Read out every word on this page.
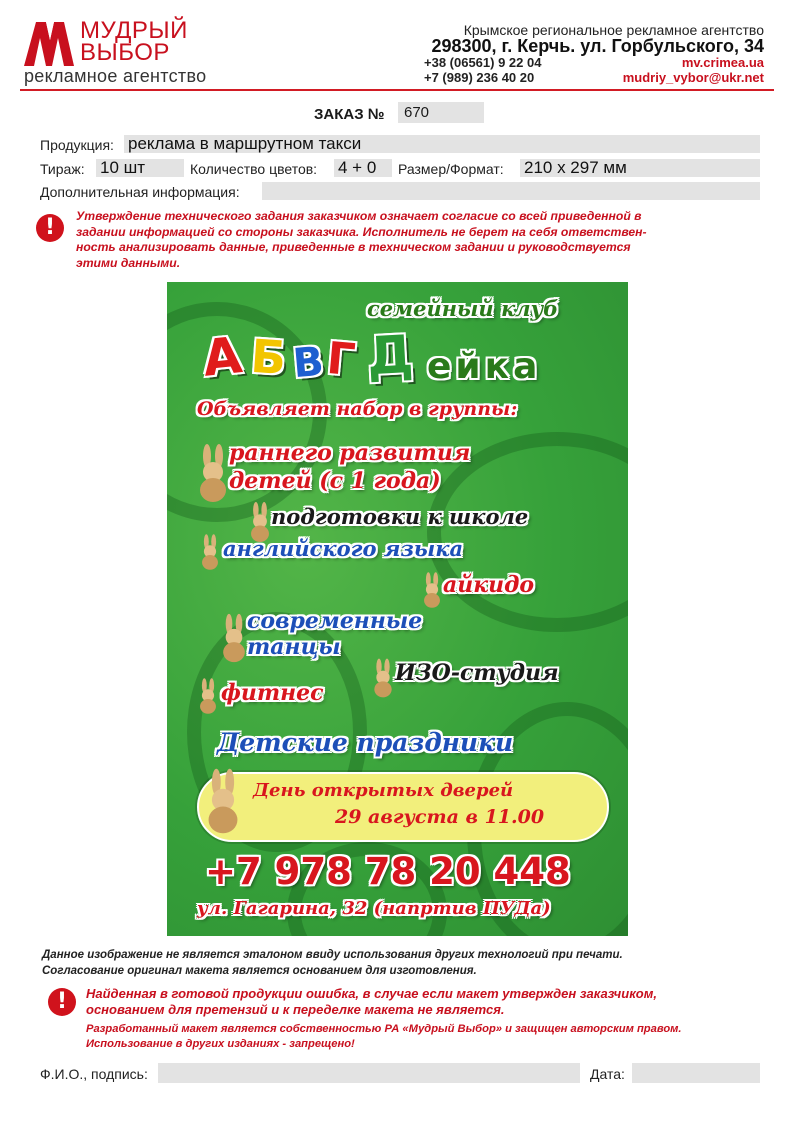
МУДРЫЙ
ВЫБОР
рекламное агентство
Крымское региональное рекламное агентство
298300, г. Керчь. ул. Горбульского, 34
+38 (06561) 9 22 04
+7 (989) 236 40 20
mv.crimea.ua
mudriy_vybor@ukr.net
ЗАКАЗ №	670
Продукция: реклама в маршрутном такси
Тираж: 10 шт	Количество цветов: 4 + 0	Размер/Формат: 210 х 297 мм
Дополнительная информация:
!	Утверждение технического задания заказчиком означает согласие со всей приведенной в
задании информацией со стороны заказчика. Исполнитель не берет на себя ответствен-
ность анализировать данные, приведенные в техническом задании и руководствуется
этими данными.
семейный клуб
А Б В Г Д ейка
Объявляет набор в группы:
раннего развития
детей (с 1 года)
подготовки к школе
английского языка
айкидо
современные
танцы
ИЗО-студия
фитнес
Детские праздники
День открытых дверей
29 августа в 11.00
+7 978 78 20 448
ул. Гагарина, 32 (напртив ПУДа)
Данное изображение не является эталоном ввиду использования других технологий при печати.
Согласование оригинал макета является основанием для изготовления.
!	Найденная в готовой продукции ошибка, в случае если макет утвержден заказчиком,
основанием для претензий и к переделке макета не является.
Разработанный макет является собственностью РА «Мудрый Выбор» и защищен авторским правом.
Использование в других изданиях - запрещено!
Ф.И.О., подпись:	Дата:
